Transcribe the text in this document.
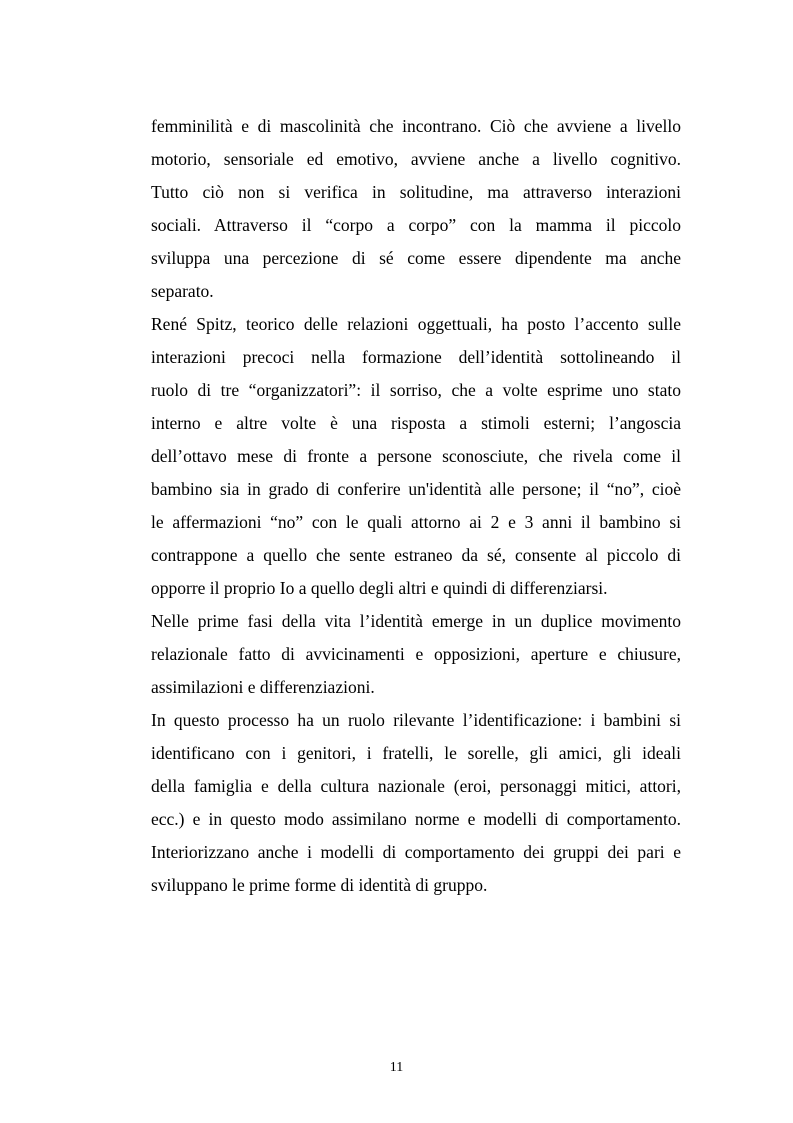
femminilità e di mascolinità che incontrano. Ciò che avviene a livello
motorio, sensoriale ed emotivo, avviene anche a livello cognitivo.
Tutto ciò non si verifica in solitudine, ma attraverso interazioni
sociali. Attraverso il “corpo a corpo” con la mamma il piccolo
sviluppa una percezione di sé come essere dipendente ma anche
separato.
René Spitz, teorico delle relazioni oggettuali, ha posto l’accento sulle
interazioni precoci nella formazione dell’identità sottolineando il
ruolo di tre “organizzatori”: il sorriso, che a volte esprime uno stato
interno e altre volte è una risposta a stimoli esterni; l’angoscia
dell’ottavo mese di fronte a persone sconosciute, che rivela come il
bambino sia in grado di conferire un'identità alle persone; il “no”, cioè
le affermazioni “no” con le quali attorno ai 2 e 3 anni il bambino si
contrappone a quello che sente estraneo da sé, consente al piccolo di
opporre il proprio Io a quello degli altri e quindi di differenziarsi.
Nelle prime fasi della vita l’identità emerge in un duplice movimento
relazionale fatto di avvicinamenti e opposizioni, aperture e chiusure,
assimilazioni e differenziazioni.
In questo processo ha un ruolo rilevante l’identificazione: i bambini si
identificano con i genitori, i fratelli, le sorelle, gli amici, gli ideali
della famiglia e della cultura nazionale (eroi, personaggi mitici, attori,
ecc.) e in questo modo assimilano norme e modelli di comportamento.
Interiorizzano anche i modelli di comportamento dei gruppi dei pari e
sviluppano le prime forme di identità di gruppo.
11
